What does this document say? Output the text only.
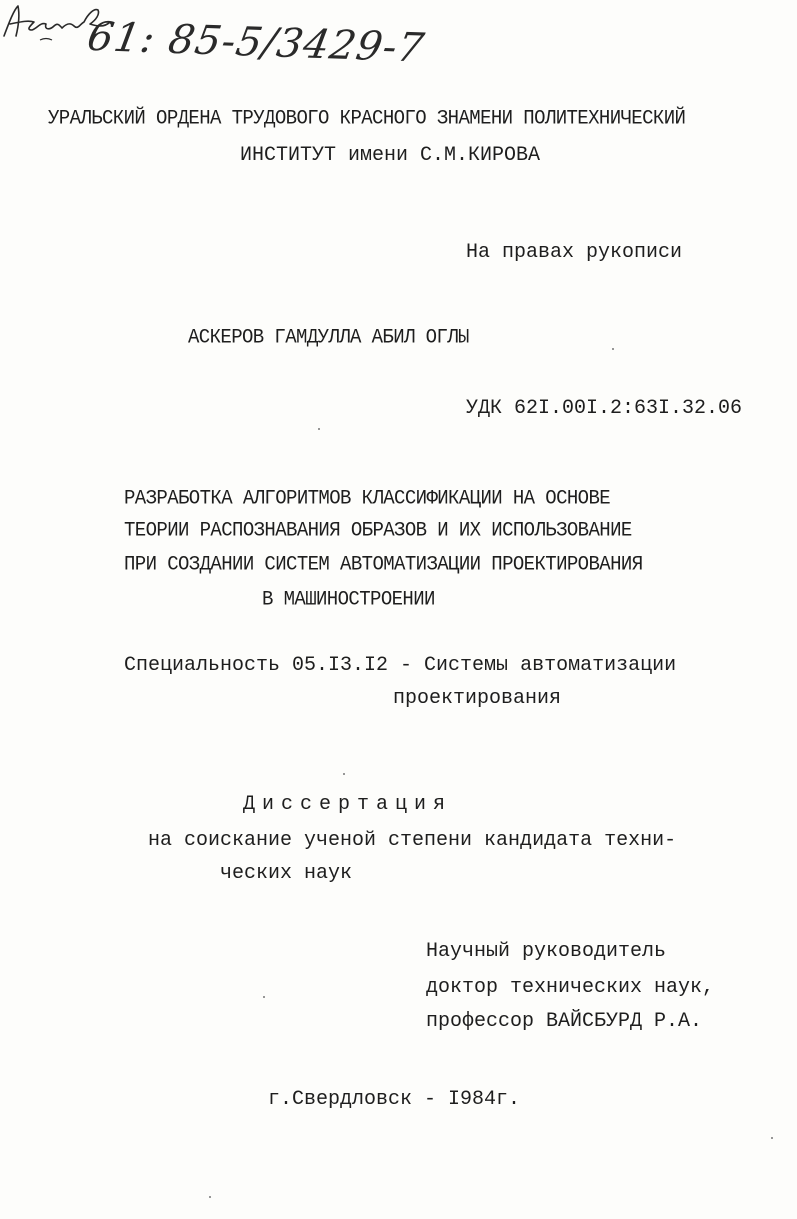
61: 85-5/3429-7
УРАЛЬСКИЙ ОРДЕНА ТРУДОВОГО КРАСНОГО ЗНАМЕНИ ПОЛИТЕХНИЧЕСКИЙ
ИНСТИТУТ имени С.М.КИРОВА
На правах рукописи
АСКЕРОВ ГАМДУЛЛА АБИЛ ОГЛЫ
УДК 62I.00I.2:63I.32.06
РАЗРАБОТКА АЛГОРИТМОВ КЛАССИФИКАЦИИ НА ОСНОВЕ
ТЕОРИИ РАСПОЗНАВАНИЯ ОБРАЗОВ И ИХ ИСПОЛЬЗОВАНИЕ
ПРИ СОЗДАНИИ СИСТЕМ АВТОМАТИЗАЦИИ ПРОЕКТИРОВАНИЯ
В МАШИНОСТРОЕНИИ
Специальность 05.I3.I2 - Системы автоматизации
проектирования
Диссертация
на соискание ученой степени кандидата техни-
ческих наук
Научный руководитель
доктор технических наук,
профессор ВАЙСБУРД Р.А.
г.Свердловск - I984г.
